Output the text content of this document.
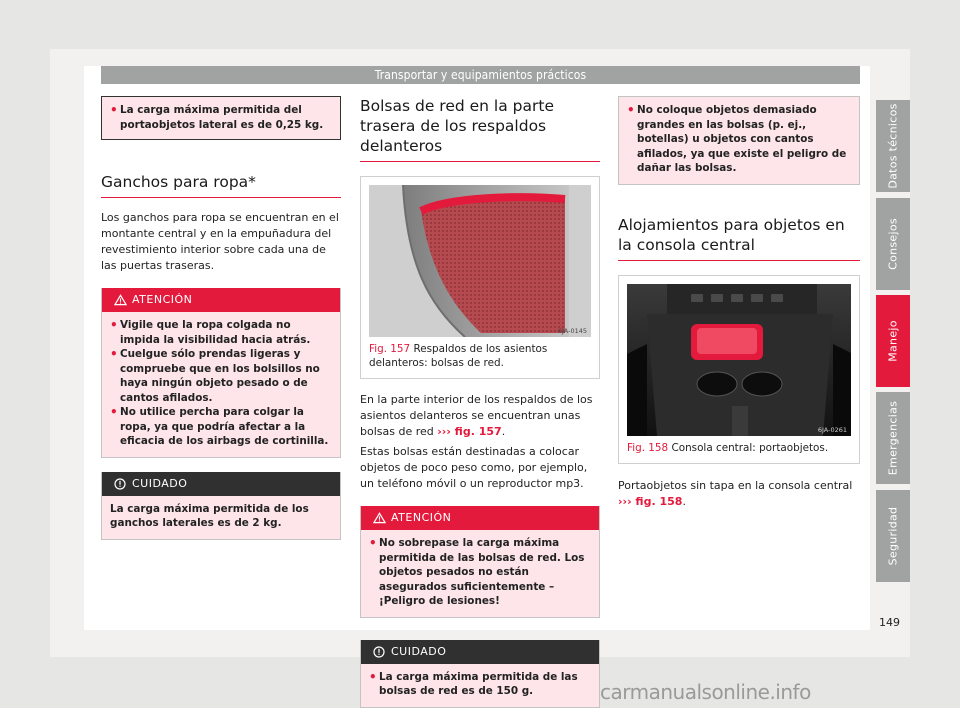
Transportar y equipamientos prácticos
• La carga máxima permitida del portaobjetos lateral es de 0,25 kg.
Ganchos para ropa*
Los ganchos para ropa se encuentran en el montante central y en la empuñadura del revestimiento interior sobre cada una de las puertas traseras.
ATENCIÓN
• Vigile que la ropa colgada no impida la visibilidad hacia atrás.
• Cuelgue sólo prendas ligeras y compruebe que en los bolsillos no haya ningún objeto pesado o de cantos afilados.
• No utilice percha para colgar la ropa, ya que podría afectar a la eficacia de los airbags de cortinilla.
CUIDADO
La carga máxima permitida de los ganchos laterales es de 2 kg.
Bolsas de red en la parte trasera de los respaldos delanteros
6JA-0145
Fig. 157 Respaldos de los asientos delanteros: bolsas de red.
En la parte interior de los respaldos de los asientos delanteros se encuentran unas bolsas de red ››› fig. 157.
Estas bolsas están destinadas a colocar objetos de poco peso como, por ejemplo, un teléfono móvil o un reproductor mp3.
ATENCIÓN
• No sobrepase la carga máxima permitida de las bolsas de red. Los objetos pesados no están asegurados suficientemente – ¡Peligro de lesiones!
CUIDADO
• La carga máxima permitida de las bolsas de red es de 150 g.
• No coloque objetos demasiado grandes en las bolsas (p. ej., botellas) u objetos con cantos afilados, ya que existe el peligro de dañar las bolsas.
Alojamientos para objetos en la consola central
6JA-0261
Fig. 158 Consola central: portaobjetos.
Portaobjetos sin tapa en la consola central ››› fig. 158.
Datos técnicos
Consejos
Manejo
Emergencias
Seguridad
149
carmanualsonline.info
